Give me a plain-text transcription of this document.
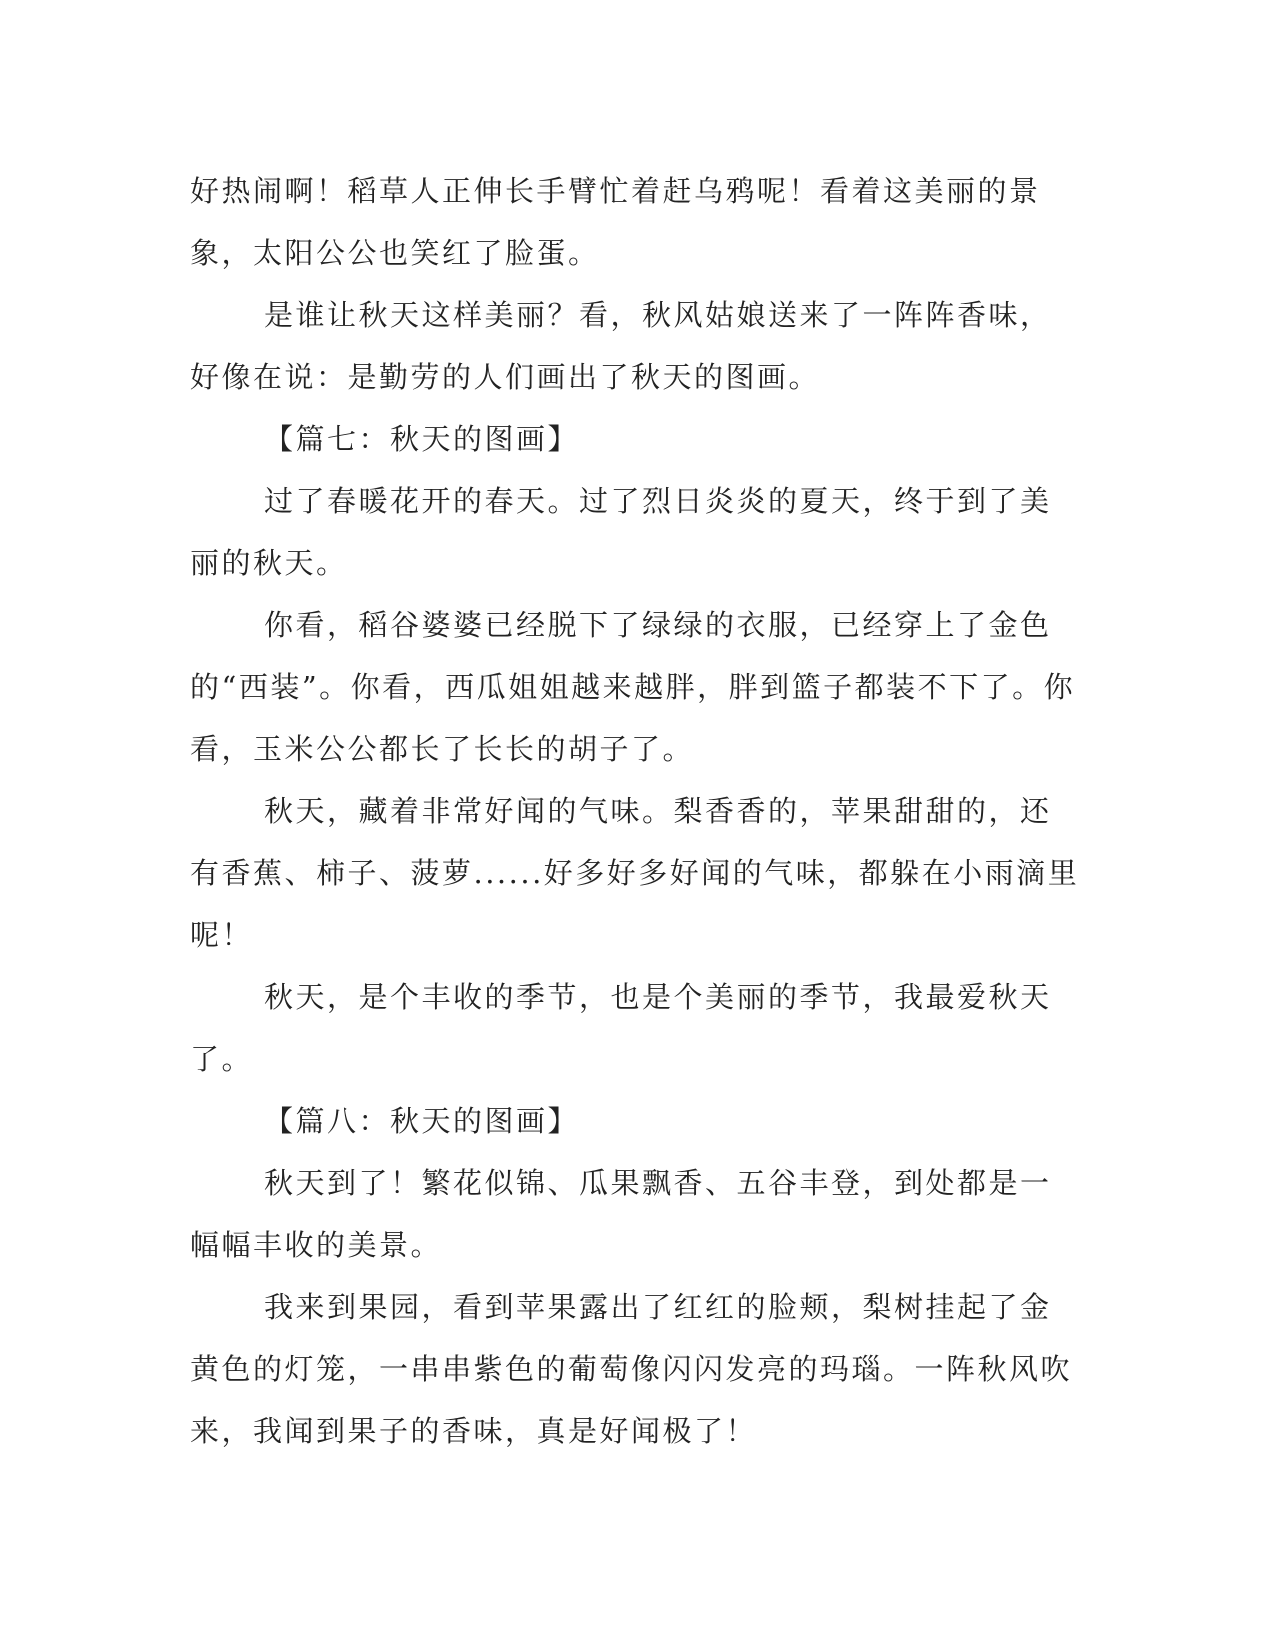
好热闹啊！稻草人正伸长手臂忙着赶乌鸦呢！看着这美丽的景象，太阳公公也笑红了脸蛋。

是谁让秋天这样美丽？看，秋风姑娘送来了一阵阵香味，好像在说：是勤劳的人们画出了秋天的图画。

【篇七：秋天的图画】

过了春暖花开的春天。过了烈日炎炎的夏天，终于到了美丽的秋天。

你看，稻谷婆婆已经脱下了绿绿的衣服，已经穿上了金色的“西装”。你看，西瓜姐姐越来越胖，胖到篮子都装不下了。你看，玉米公公都长了长长的胡子了。

秋天，藏着非常好闻的气味。梨香香的，苹果甜甜的，还有香蕉、柿子、菠萝......好多好多好闻的气味，都躲在小雨滴里呢！

秋天，是个丰收的季节，也是个美丽的季节，我最爱秋天了。

【篇八：秋天的图画】

秋天到了！繁花似锦、瓜果飘香、五谷丰登，到处都是一幅幅丰收的美景。

我来到果园，看到苹果露出了红红的脸颊，梨树挂起了金黄色的灯笼，一串串紫色的葡萄像闪闪发亮的玛瑙。一阵秋风吹来，我闻到果子的香味，真是好闻极了！
